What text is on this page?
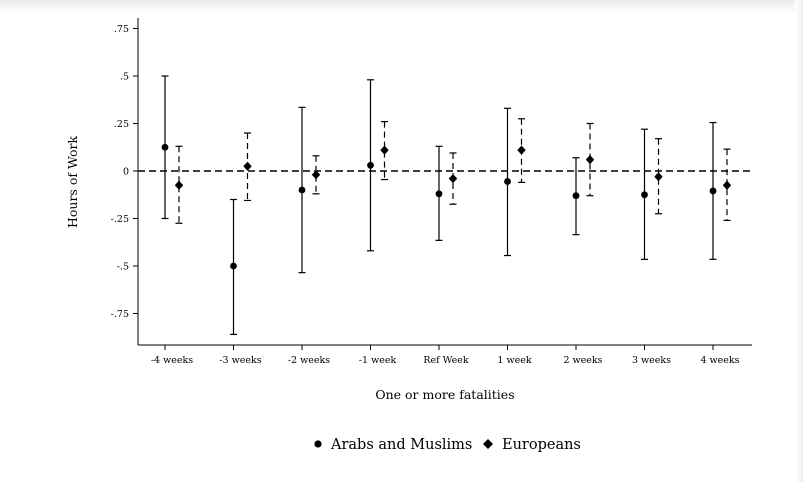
-.75
-.5
-.25
0
.25
.5
.75
-4 weeks	-3 weeks	-2 weeks	-1 week	Ref Week	1 week	2 weeks	3 weeks	4 weeks
Hours of Work
One or more fatalities
Arabs and Muslims Europeans
